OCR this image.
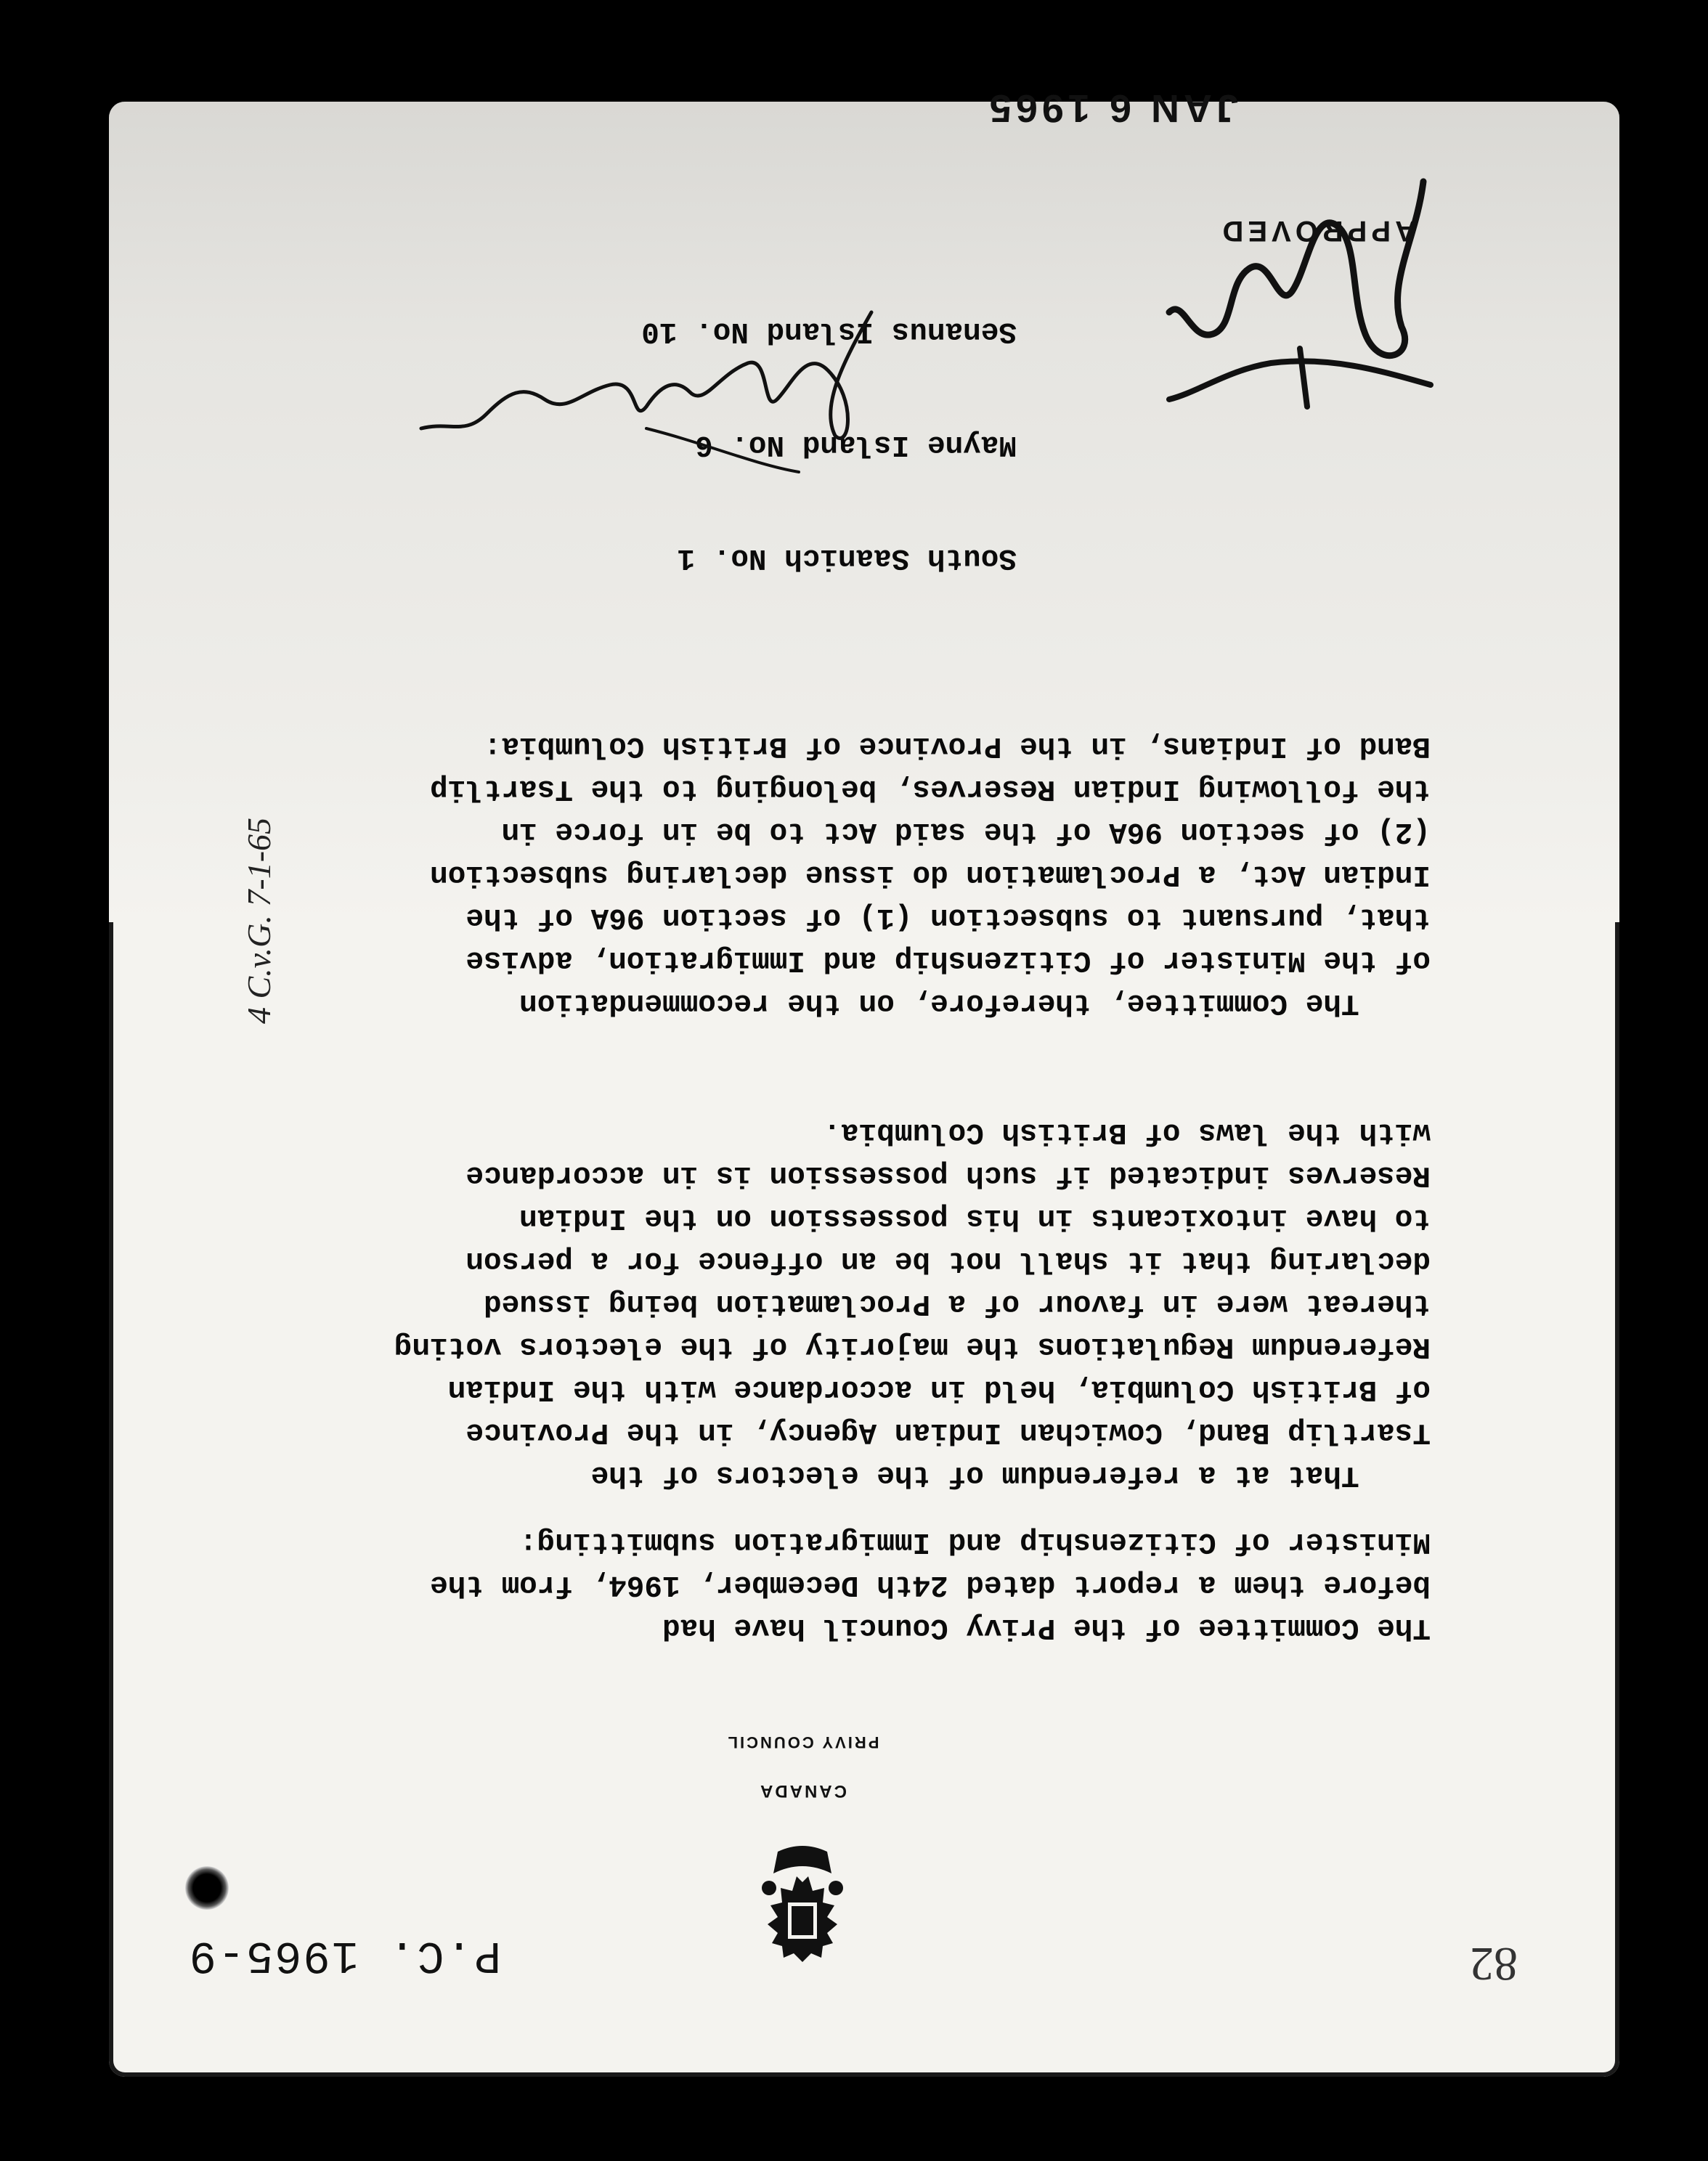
82
P.C. 1965-9
CANADA
PRIVY COUNCIL
The Committee of the Privy Council have had
before them a report dated 24th December, 1964, from the
Minister of Citizenship and Immigration submitting:
That at a referendum of the electors of the
Tsartlip Band, Cowichan Indian Agency, in the Province
of British Columbia, held in accordance with the Indian
Referendum Regulations the majority of the electors voting
thereat were in favour of a Proclamation being issued
declaring that it shall not be an offence for a person
to have intoxicants in his possession on the Indian
Reserves indicated if such possession is in accordance
with the laws of British Columbia.
The Committee, therefore, on the recommendation
of the Minister of Citizenship and Immigration, advise
that, pursuant to subsection (1) of section 96A of the
Indian Act, a Proclamation do issue declaring subsection
(2) of section 96A of the said Act to be in force in
the following Indian Reserves, belonging to the Tsartlip
Band of Indians, in the Province of British Columbia:

South Saanich No. 1

Mayne Island No. 6

Senanus Island No. 10

APPROVED
JAN 6 1965
4 C.v.G. 7-1-65
